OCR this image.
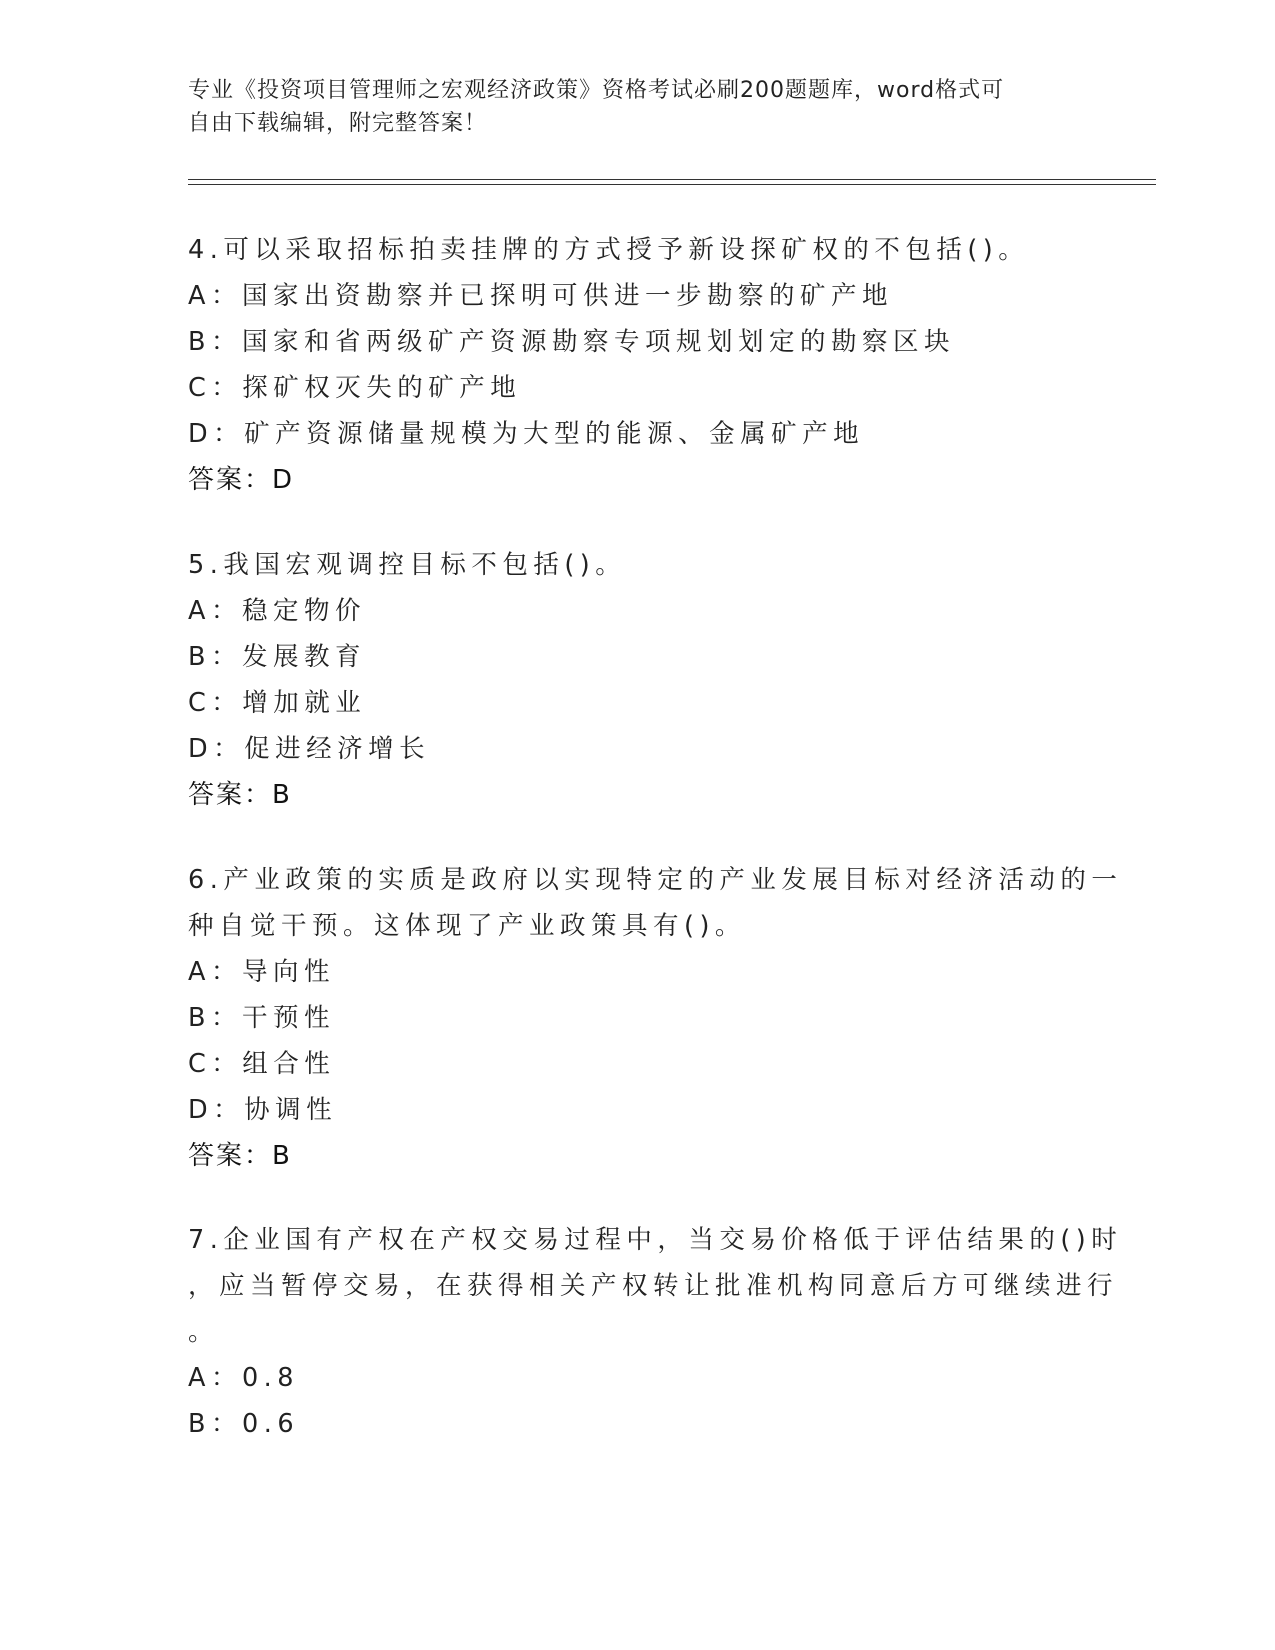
专业《投资项目管理师之宏观经济政策》资格考试必刷200题题库，word格式可
自由下载编辑，附完整答案！
4.可以采取招标拍卖挂牌的方式授予新设探矿权的不包括()。
A：国家出资勘察并已探明可供进一步勘察的矿产地
B：国家和省两级矿产资源勘察专项规划划定的勘察区块
C：探矿权灭失的矿产地
D：矿产资源储量规模为大型的能源、金属矿产地
答案：D
5.我国宏观调控目标不包括()。
A：稳定物价
B：发展教育
C：增加就业
D：促进经济增长
答案：B
6.产业政策的实质是政府以实现特定的产业发展目标对经济活动的一
种自觉干预。这体现了产业政策具有()。
A：导向性
B：干预性
C：组合性
D：协调性
答案：B
7.企业国有产权在产权交易过程中，当交易价格低于评估结果的()时
，应当暂停交易，在获得相关产权转让批准机构同意后方可继续进行
。
A：0.8
B：0.6
